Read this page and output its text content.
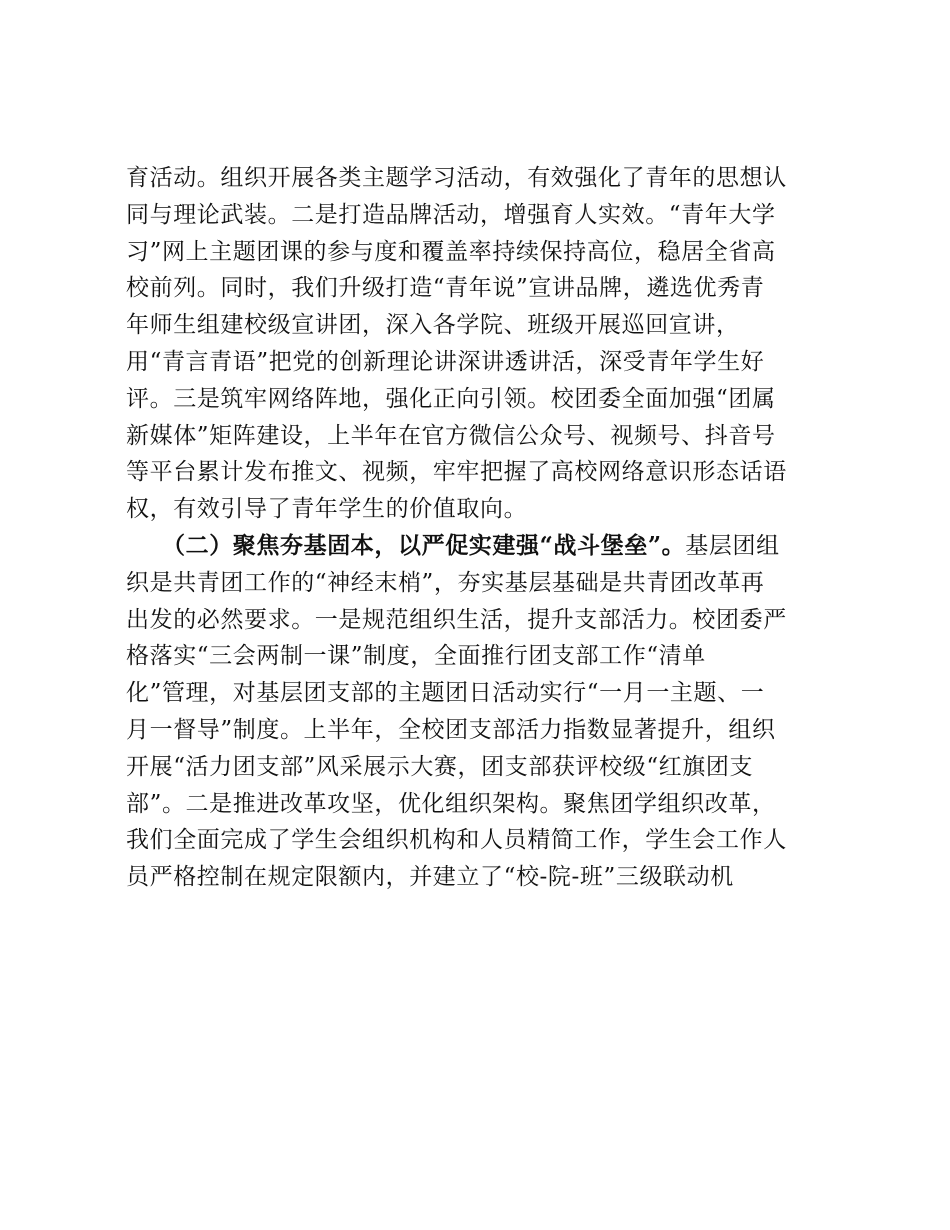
育活动。组织开展各类主题学习活动，有效强化了青年的思想认
同与理论武装。二是打造品牌活动，增强育人实效。“青年大学
习”网上主题团课的参与度和覆盖率持续保持高位，稳居全省高
校前列。同时，我们升级打造“青年说”宣讲品牌，遴选优秀青
年师生组建校级宣讲团，深入各学院、班级开展巡回宣讲，
用“青言青语”把党的创新理论讲深讲透讲活，深受青年学生好
评。三是筑牢网络阵地，强化正向引领。校团委全面加强“团属
新媒体”矩阵建设，上半年在官方微信公众号、视频号、抖音号
等平台累计发布推文、视频，牢牢把握了高校网络意识形态话语
权，有效引导了青年学生的价值取向。
（二）聚焦夯基固本，以严促实建强“战斗堡垒”。基层团组
织是共青团工作的“神经末梢”，夯实基层基础是共青团改革再
出发的必然要求。一是规范组织生活，提升支部活力。校团委严
格落实“三会两制一课”制度，全面推行团支部工作“清单
化”管理，对基层团支部的主题团日活动实行“一月一主题、一
月一督导”制度。上半年，全校团支部活力指数显著提升，组织
开展“活力团支部”风采展示大赛，团支部获评校级“红旗团支
部”。二是推进改革攻坚，优化组织架构。聚焦团学组织改革，
我们全面完成了学生会组织机构和人员精简工作，学生会工作人
员严格控制在规定限额内，并建立了“校-院-班”三级联动机
